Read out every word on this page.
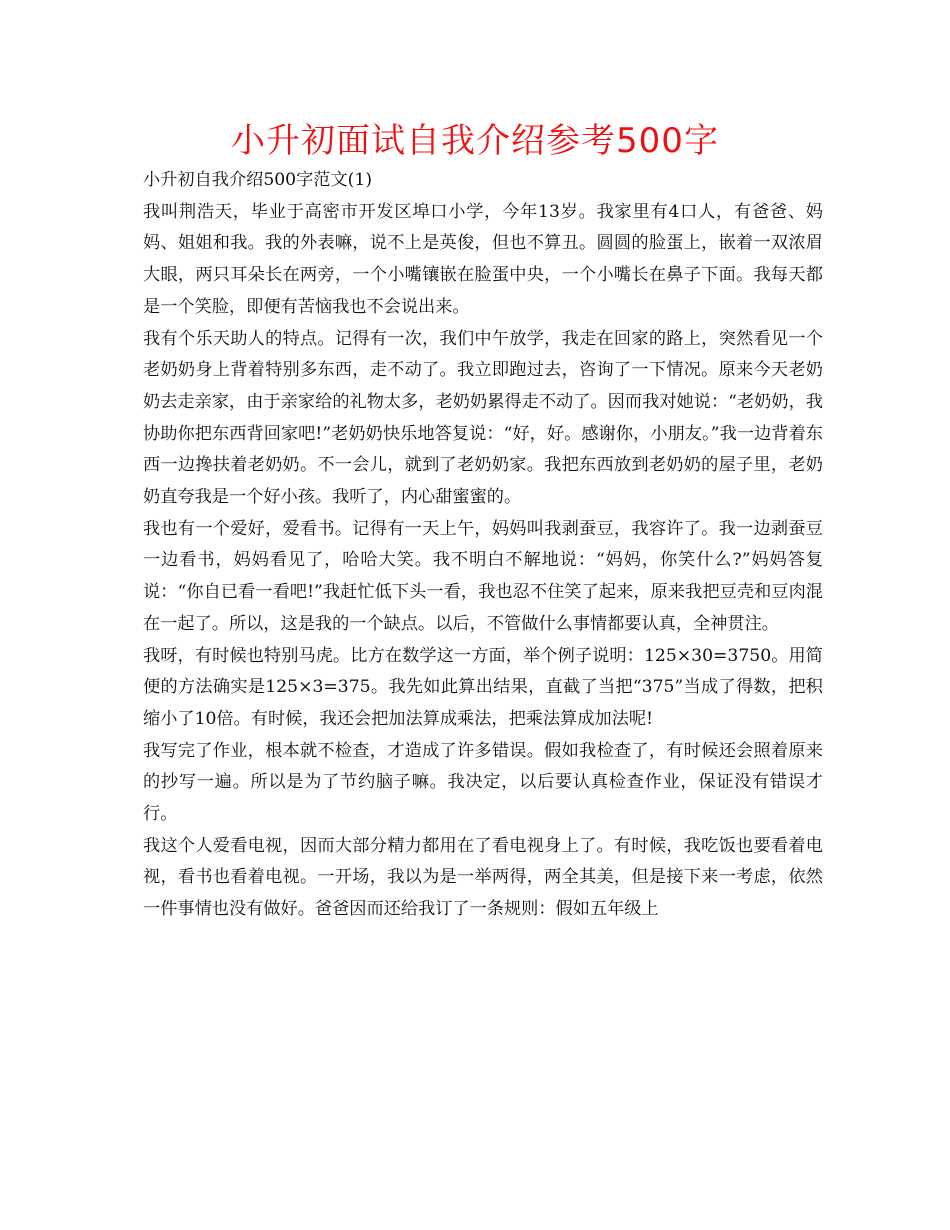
小升初面试自我介绍参考500字

小升初自我介绍500字范文(1)

我叫荆浩天，毕业于高密市开发区埠口小学，今年13岁。我家里有4口人，有爸爸、妈妈、姐姐和我。我的外表嘛，说不上是英俊，但也不算丑。圆圆的脸蛋上，嵌着一双浓眉大眼，两只耳朵长在两旁，一个小嘴镶嵌在脸蛋中央，一个小嘴长在鼻子下面。我每天都是一个笑脸，即便有苦恼我也不会说出来。

我有个乐天助人的特点。记得有一次，我们中午放学，我走在回家的路上，突然看见一个老奶奶身上背着特别多东西，走不动了。我立即跑过去，咨询了一下情况。原来今天老奶奶去走亲家，由于亲家给的礼物太多，老奶奶累得走不动了。因而我对她说：“老奶奶，我协助你把东西背回家吧!”老奶奶快乐地答复说：“好，好。感谢你，小朋友。”我一边背着东西一边搀扶着老奶奶。不一会儿，就到了老奶奶家。我把东西放到老奶奶的屋子里，老奶奶直夸我是一个好小孩。我听了，内心甜蜜蜜的。

我也有一个爱好，爱看书。记得有一天上午，妈妈叫我剥蚕豆，我容许了。我一边剥蚕豆一边看书，妈妈看见了，哈哈大笑。我不明白不解地说：“妈妈，你笑什么?”妈妈答复说：“你自已看一看吧!”我赶忙低下头一看，我也忍不住笑了起来，原来我把豆壳和豆肉混在一起了。所以，这是我的一个缺点。以后，不管做什么事情都要认真，全神贯注。

我呀，有时候也特别马虎。比方在数学这一方面，举个例子说明：125×30=3750。用简便的方法确实是125×3=375。我先如此算出结果，直截了当把“375”当成了得数，把积缩小了10倍。有时候，我还会把加法算成乘法，把乘法算成加法呢!

我写完了作业，根本就不检查，才造成了许多错误。假如我检查了，有时候还会照着原来的抄写一遍。所以是为了节约脑子嘛。我决定，以后要认真检查作业，保证没有错误才行。

我这个人爱看电视，因而大部分精力都用在了看电视身上了。有时候，我吃饭也要看着电视，看书也看着电视。一开场，我以为是一举两得，两全其美，但是接下来一考虑，依然一件事情也没有做好。爸爸因而还给我订了一条规则：假如五年级上
